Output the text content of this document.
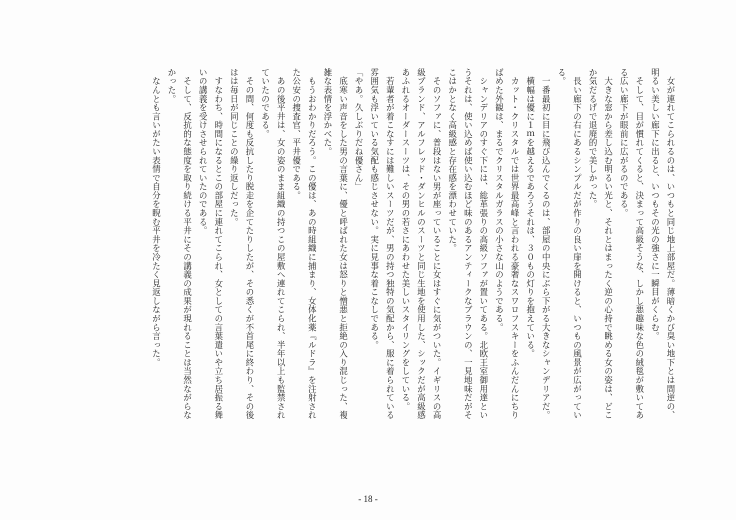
　女が連れてこられるのは、いつもと同じ地上部屋だ。薄暗くかび臭い地下とは間逆の、明るい美しい廊下に出ると、いつもその光の強さに一瞬目がくらむ。

　そして、目が慣れてくると、決まって高級そうな、しかし悪趣味な色の絨毯が敷いてある広い廊下が眼前に広がるのである。

　大きな窓から差し込む明るい光と、それとはまったく逆の心持で眺める女の姿は、どこか気だるげで退廃的で美しかった。

　長い廊下の右にあるシンプルだが作りの良い扉を開けると、いつもの風景が広がっている。

　一番最初に目に飛び込んでくるのは、部屋の中央にぶら下がる大きなシャンデリアだ。

　横幅は優に１ｍを越えるであろうそれは、３０もの灯りを抱えている。

　カット・クリスタルでは世界最高峰と言われる豪奢なスワロフスキーをふんだんにちりばめた外観は、まるでクリスタルガラスの小さな山のようである。

　シャンデリアのすぐ下には、総革張りの高級ソファが置いてある。北欧王室御用達というそれは、使い込めば使い込むほど味のあるアンティークなブラウンの、一見地味だがそこはかとなく高級感と存在感を漂わせていた。

　そのソファに、普段はない男が座っていることに女はすぐに気がついた。イギリスの高級ブランド、アルフレッド・ダンヒルのスーツと同じ生地を使用した、シックだが高級感あふれるオーダースーツは、その男の若さにあわせた美しいスタイリングをしている。

　若輩者が着こなすには難しいスーツだが、男の持つ独特の気配から、服に着られている雰囲気も浮いている気配も感じさせない。実に見事な着こなしである。

「やあ。久しぶりだね優さん」

　底寒い声音をした男の言葉に、優と呼ばれた女は怒りと憎悪と拒絶の入り混じった、複雑な表情を浮かべた。

　もうおわかりだろう。この優は、あの時組織に捕まり、女体化薬『ルドラ』を注射された公安の捜査官、平井優である。

　あの後平井は、女の姿のまま組織の持つこの屋敷へ連れてこられ、半年以上も監禁されていたのである。

　その間、何度も反抗したり脱走を企てたりしたが、その悉くが不首尾に終わり、その後はは毎日が同じことの繰り返しだった。

　すなわち、時間になるとこの部屋に連れてこられ、女としての言葉遣いや立ち居振る舞いの講義を受けさせられていたのである。

　そして、反抗的な態度を取り続ける平井にその講義の成果が現れることは当然ながらなかった。

　なんとも言いがたい表情で自分を睨む平井を冷たく見返しながら言った。

- 18 -
